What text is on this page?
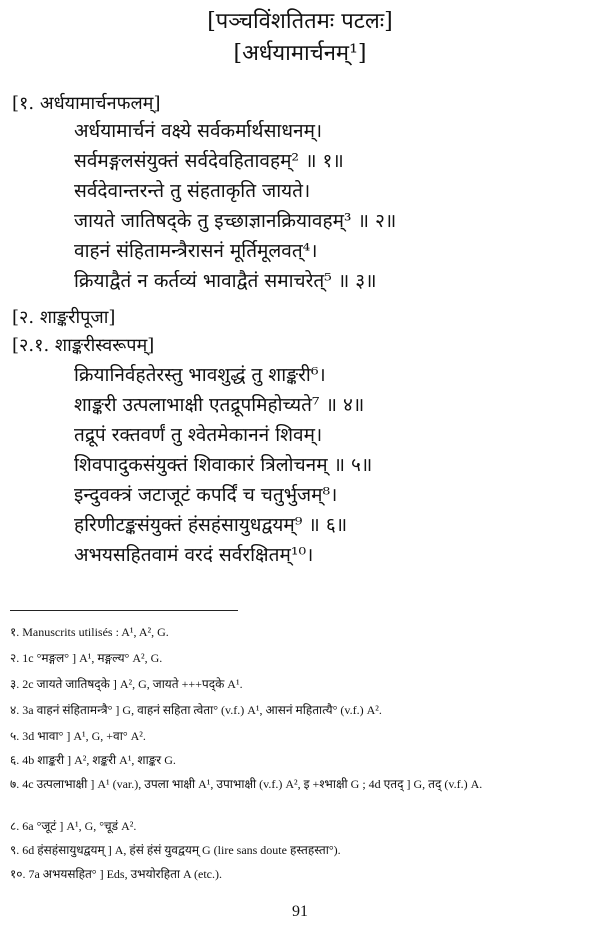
[पञ्चविंशतितमः पटलः]
[अर्धयामार्चनम्¹]
[१. अर्धयामार्चनफलम्]
अर्धयामार्चनं वक्ष्ये सर्वकर्मार्थसाधनम्।
सर्वमङ्गलसंयुक्तं सर्वदेवहितावहम्² ॥ १॥
सर्वदेवान्तरन्ते तु संहताकृति जायते।
जायते जातिषद्के तु इच्छाज्ञानक्रियावहम्³ ॥ २॥
वाहनं संहितामन्त्रैरासनं मूर्तिमूलवत्⁴।
क्रियाद्वैतं न कर्तव्यं भावाद्वैतं समाचरेत्⁵ ॥ ३॥
[२. शाङ्करीपूजा]
[२.१. शाङ्करीस्वरूपम्]
क्रियानिर्वहतेरस्तु भावशुद्धं तु शाङ्करी⁶।
शाङ्करी उत्पलाभाक्षी एतद्रूपमिहोच्यते⁷ ॥ ४॥
तद्रूपं रक्तवर्णं तु श्वेतमेकाननं शिवम्।
शिवपादुकसंयुक्तं शिवाकारं त्रिलोचनम् ॥ ५॥
इन्दुवक्त्रं जटाजूटं कपर्दिं च चतुर्भुजम्⁸।
हरिणीटङ्कसंयुक्तं हंसहंसायुधद्वयम्⁹ ॥ ६॥
अभयसहितवामं वरदं सर्वरक्षितम्¹⁰।
१. Manuscrits utilisés : A¹, A², G.
२. 1c °मङ्गल° ] A¹, मङ्गल्य° A², G.
३. 2c जायते जातिषद्के ] A², G, जायते +++पद्के A¹.
४. 3a वाहनं संहितामन्त्रै° ] G, वाहनं सहिता त्वेता° (v.f.) A¹, आसनं महितात्यै° (v.f.) A².
५. 3d भावा° ] A¹, G, +वा° A².
६. 4b शाङ्करी ] A², शङ्करी A¹, शाङ्कर G.
७. 4c उत्पलाभाक्षी ] A¹ (var.), उपला भाक्षी A¹, उपाभाक्षी (v.f.) A², इ +श्भाक्षी G ; 4d एतद् ] G, तद् (v.f.) A.
८. 6a °जूटं ] A¹, G, °चूडं A².
९. 6d हंसहंसायुधद्वयम् ] A, हंसं हंसं युवद्वयम् G (lire sans doute हस्तहस्ता°).
१०. 7a अभयसहित° ] Eds, उभयोरहिता A (etc.).
91
